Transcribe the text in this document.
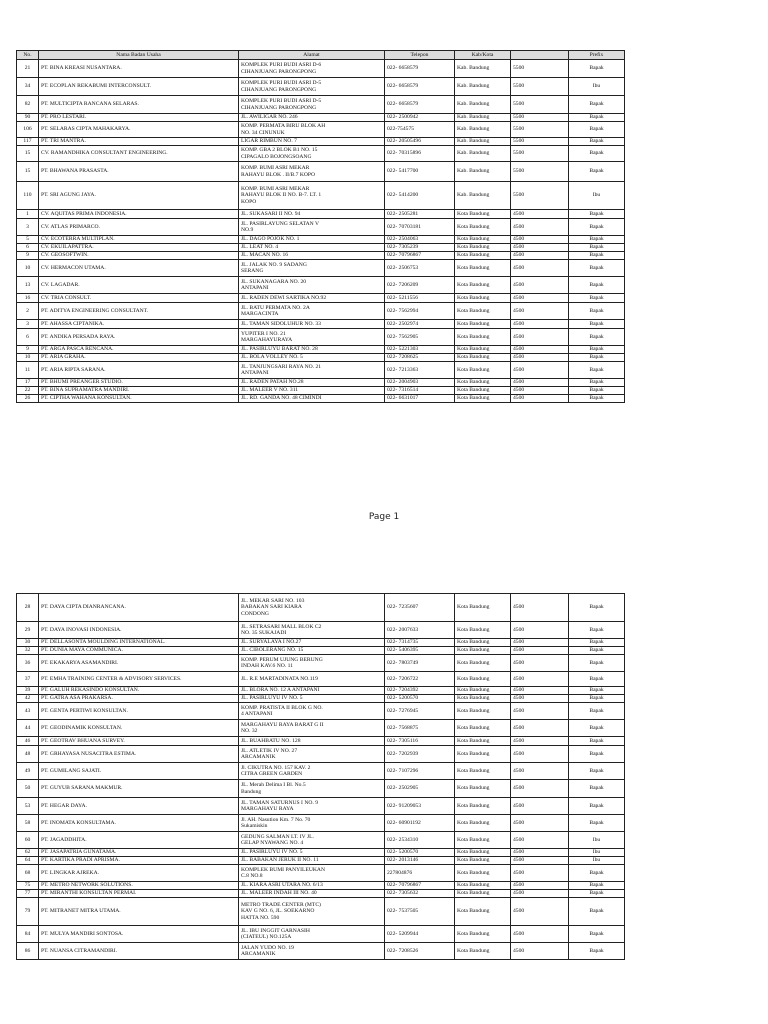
No.	Nama Badan Usaha	Alamat	Telepon	Kab/Kota		Prefix
21	PT. BINA KREASI NUSANTARA.	KOMPLEK PURI BUDI ASRI D-6
CIHANJUANG PARONGPONG	022- 6658579	Kab. Bandung	5500	Bapak
34	PT. ECOPLAN REKABUMI INTERCONSULT.	KOMPLEK PURI BUDI ASRI D-5
CIHANJUANG PARONGPONG	022- 6658579	Kab. Bandung	5500	Ibu
82	PT. MULTICIPTA RANCANA SELARAS.	KOMPLEK PURI BUDI ASRI D-5
CIHANJUANG PARONGPONG	022- 6658579	Kab. Bandung	5500	Bapak
90	PT. PRO LESTARI.	JL. AWILIGAR NO. 246	022- 2500942	Kab. Bandung	5500	Bapak
106	PT. SELARAS CIPTA MAHAKARYA.	KOMP. PERMATA BIRU BLOK AH
NO. 34 CINUNUK	022-754575	Kab. Bandung	5500	Bapak
117	PT. TRI MANTRA.	LIGAR RIMBUN NO. 7	022- 20505496	Kab. Bandung	5500	Bapak
15	CV. RAMANDHIKA CONSULTANT ENGINEERING.	KOMP. GBA 2 BLOK B1 NO. 15
CIPAGALO BOJONGSOANG	022- 70315896	Kab. Bandung	5500	Bapak
15	PT. BHAWANA PRASASTA.	KOMP. BUMI ASRI MEKAR
RAHAYU BLOK . II/B.7 KOPO	022- 5417700	Kab. Bandung	5500	Bapak
110	PT. SRI AGUNG JAYA.	KOMP. BUMI ASRI MEKAR
RAHAYU BLOK II NO. B-7. LT. 1
KOPO	022- 5414200	Kab. Bandung	5500	Ibu
1	CV. AQUITAS PRIMA INDONESIA.	JL. SUKASARI II NO. 94	022- 2505281	Kota Bandung	4500	Bapak
3	CV. ATLAS PRIMARCO.	JL. PASIRLAYUNG SELATAN V
NO.9	022- 70703181	Kota Bandung	4500	Bapak
5	CV. ECOTERRA MULTIPLAN.	JL. DAGO POJOK NO. 1	022- 2504063	Kota Bandung	4500	Bapak
6	CV. EKUILAPATTRA.	JL. LEAT NO. 4	022- 7305239	Kota Bandung	4500	Bapak
9	CV. GEOSOFTWIN.	JL. MACAN NO. 16	022- 70796867	Kota Bandung	4500	Bapak
10	CV. HERMACON UTAMA.	JL. JALAK NO. 9 SADANG
SERANG	022- 2506753	Kota Bandung	4500	Bapak
13	CV. LAGADAR.	JL. SUKANAGARA NO. 20
ANTAPANI	022- 7206209	Kota Bandung	4500	Bapak
16	CV. TRIA CONSULT.	JL. RADEN DEWI SARTIKA NO.92	022- 5211556	Kota Bandung	4500	Bapak
2	PT. ADITYA ENGINEERING CONSULTANT.	JL. BATU PERMATA NO. 2A
MARGACINTA	022- 7562994	Kota Bandung	4500	Bapak
3	PT. AHASSA CIPTANIKA.	JL. TAMAN SIDOLUHUR NO. 33	022- 2502974	Kota Bandung	4500	Bapak
6	PT. ANDIKA PERSADA RAYA.	YUPITER I NO. 21
MARGAHAYURAYA	022- 7562905	Kota Bandung	4500	Bapak
9	PT. ARGA PASCA RENCANA.	JL. PASIRLUYU BARAT NO. 28	022- 5221303	Kota Bandung	4500	Bapak
10	PT. ARIA GRAHA.	JL. BOLA VOLLEY NO. 5	022- 7208625	Kota Bandung	4500	Bapak
11	PT. ARIA RIPTA SARANA.	JL. TANJUNGSARI RAYA NO. 21
ANTAPANI	022- 7213363	Kota Bandung	4500	Bapak
17	PT. BHUMI PREANGER STUDIO.	JL. RADEN PATAH NO.28	022- 2004903	Kota Bandung	4500	Bapak
22	PT. BINA SUPRAMATRA MANDIRI.	JL. MALEER V NO. 311	022- 7316514	Kota Bandung	4500	Bapak
26	PT. CIPTHA WAHANA KONSULTAN.	JL. RD. GANDA NO. 48 CIMINDI	022- 6631017	Kota Bandung	4500	Bapak
Page 1
28	PT. DAYA CIPTA DIANRANCANA.	JL. MEKAR SARI NO. 103
BABAKAN SARI KIARA
CONDONG	022- 7235607	Kota Bandung	4500	Bapak
29	PT. DAYA INOVASI INDONESIA.	JL. SETRASARI MALL BLOK C2
NO. 35 SUKAJADI	022- 2007633	Kota Bandung	4500	Bapak
30	PT. DELLASONTA MOULDING INTERNATIONAL.	JL. SURYALAYA I NO.27	022- 7314735	Kota Bandung	4500	Bapak
32	PT. DUNIA MAYA COMMUNICA.	JL. CIBOLERANG NO. 15	022- 5406395	Kota Bandung	4500	Bapak
36	PT. EKAKARYA ASAMANDIRI.	KOMP. PERUM UJUNG BERUNG
INDAH KAV.6 NO. 11	022- 7803749	Kota Bandung	4500	Bapak
37	PT. EMHA TRAINING CENTER & ADVISORY SERVICES.	JL. R.E MARTADINATA NO.119	022- 7206722	Kota Bandung	4500	Bapak
39	PT. GALUH REKASINDO KONSULTAN.	JL. BLORA NO. 12 A ANTAPANI	022- 7204392	Kota Bandung	4500	Bapak
42	PT. GATRA ASA PRAKARSA.	JL. PASIRLUYU IV NO. 5	022- 5200570	Kota Bandung	4500	Bapak
43	PT. GENTA PERTIWI KONSULTAN.	KOMP. PRATISTA II BLOK G NO.
4 ANTAPANI	022- 7276945	Kota Bandung	4500	Bapak
44	PT. GEODINAMIK KONSULTAN.	MARGAHAYU RAYA BARAT G II
NO. 32	022- 7568875	Kota Bandung	4500	Bapak
46	PT. GEOTRAV BHUANA SURVEY.	JL. BUAHBATU NO. 128	022- 7305116	Kota Bandung	4500	Bapak
48	PT. GRHAYASA NUSACITRA ESTIMA.	JL. ATLETIK IV NO. 27
ARCAMANIK	022- 7202939	Kota Bandung	4500	Bapak
49	PT. GUMILANG SAJATI.	Jl. CIKUTRA NO. 157 KAV. 2
CITRA GREEN GARDEN	022- 7107296	Kota Bandung	4500	Bapak
50	PT. GUYUB SARANA MAKMUR.	JL. Merah Delima I Bl. No.5
Bandung	022- 2502905	Kota Bandung	4500	Bapak
53	PT. HEGAR DAYA.	JL. TAMAN SATURNUS I NO. 9
MARGAHAYU RAYA	022- 91209053	Kota Bandung	4500	Bapak
58	PT. INOMATA KONSULTAMA.	Jl. AH. Nasution Km. 7 No. 70
Sukamiskin	022- 60901192	Kota Bandung	4500	Bapak
60	PT. JAGADDHITA.	GEDUNG SALMAN LT. IV JL.
GELAP NYAWANG NO. 4	022- 2534310	Kota Bandung	4500	Ibu
62	PT. JASAPATRIA GUNATAMA.	JL. PASIRLUYU IV NO. 5	022- 5200570	Kota Bandung	4500	Ibu
64	PT. KARTIKA PRADI APRISMA.	JL. BABAKAN JERUK II NO. 11	022- 2013146	Kota Bandung	4500	Ibu
68	PT. LINGKAR AJREKA.	KOMPLEK BUMI PANYILEUKAN
C.8 NO.8	227804876	Kota Bandung	4500	Bapak
75	PT. METRO NETWORK SOLUTIONS.	JL. KIARA ASRI UTARA NO. 6/13	022- 70796867	Kota Bandung	4500	Bapak
77	PT. MIRANTHI KONSULTAN PERMAI.	JL. MALEER INDAH III NO. 40	022- 7305632	Kota Bandung	4500	Bapak
79	PT. MITRANET MITRA UTAMA.	METRO TRADE CENTER (MTC)
KAV G NO. 6, JL. SOEKARNO
HATTA NO. 590	022- 7537505	Kota Bandung	4500	Bapak
84	PT. MULYA MANDIRI SONTOSA.	JL. IBU INGGIT GARNASIH
(CIATEUL) NO.125A	022- 5209944	Kota Bandung	4500	Bapak
86	PT. NUANSA CITRAMANDIRI.	JALAN YUDO NO. 19
ARCAMANIK	022- 7208526	Kota Bandung	4500	Bapak
